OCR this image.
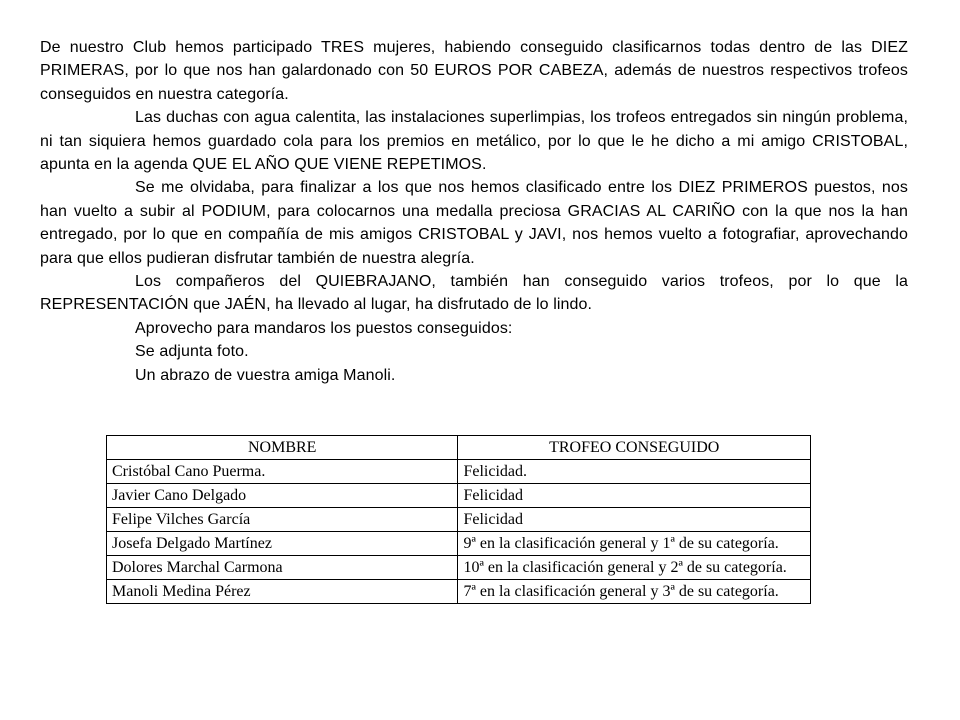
De nuestro Club hemos participado TRES mujeres, habiendo conseguido clasificarnos todas dentro de las DIEZ PRIMERAS, por lo que nos han galardonado con 50 EUROS POR CABEZA, además de nuestros respectivos trofeos conseguidos en nuestra categoría.

Las duchas con agua calentita, las instalaciones superlimpias, los trofeos entregados sin ningún problema, ni tan siquiera hemos guardado cola para los premios en metálico, por lo que le he dicho a mi amigo CRISTOBAL, apunta en la agenda QUE EL AÑO QUE VIENE REPETIMOS.

Se me olvidaba, para finalizar a los que nos hemos clasificado entre los DIEZ PRIMEROS puestos, nos han vuelto a subir al PODIUM, para colocarnos una medalla preciosa GRACIAS AL CARIÑO con la que nos la han entregado, por lo que en compañía de mis amigos CRISTOBAL y JAVI, nos hemos vuelto a fotografiar, aprovechando para que ellos pudieran disfrutar también de nuestra alegría.

Los compañeros del QUIEBRAJANO, también han conseguido varios trofeos, por lo que la REPRESENTACIÓN que JAÉN, ha llevado al lugar, ha disfrutado de lo lindo.

Aprovecho para mandaros los puestos conseguidos:

Se adjunta foto.

Un abrazo de vuestra amiga Manoli.

NOMBRE	TROFEO CONSEGUIDO
Cristóbal Cano Puerma.	Felicidad.
Javier Cano Delgado	Felicidad
Felipe Vilches García	Felicidad
Josefa Delgado Martínez	9ª en la clasificación general y 1ª de su categoría.
Dolores Marchal Carmona	10ª en la clasificación general y 2ª de su categoría.
Manoli Medina Pérez	7ª en la clasificación general y 3ª de su categoría.
